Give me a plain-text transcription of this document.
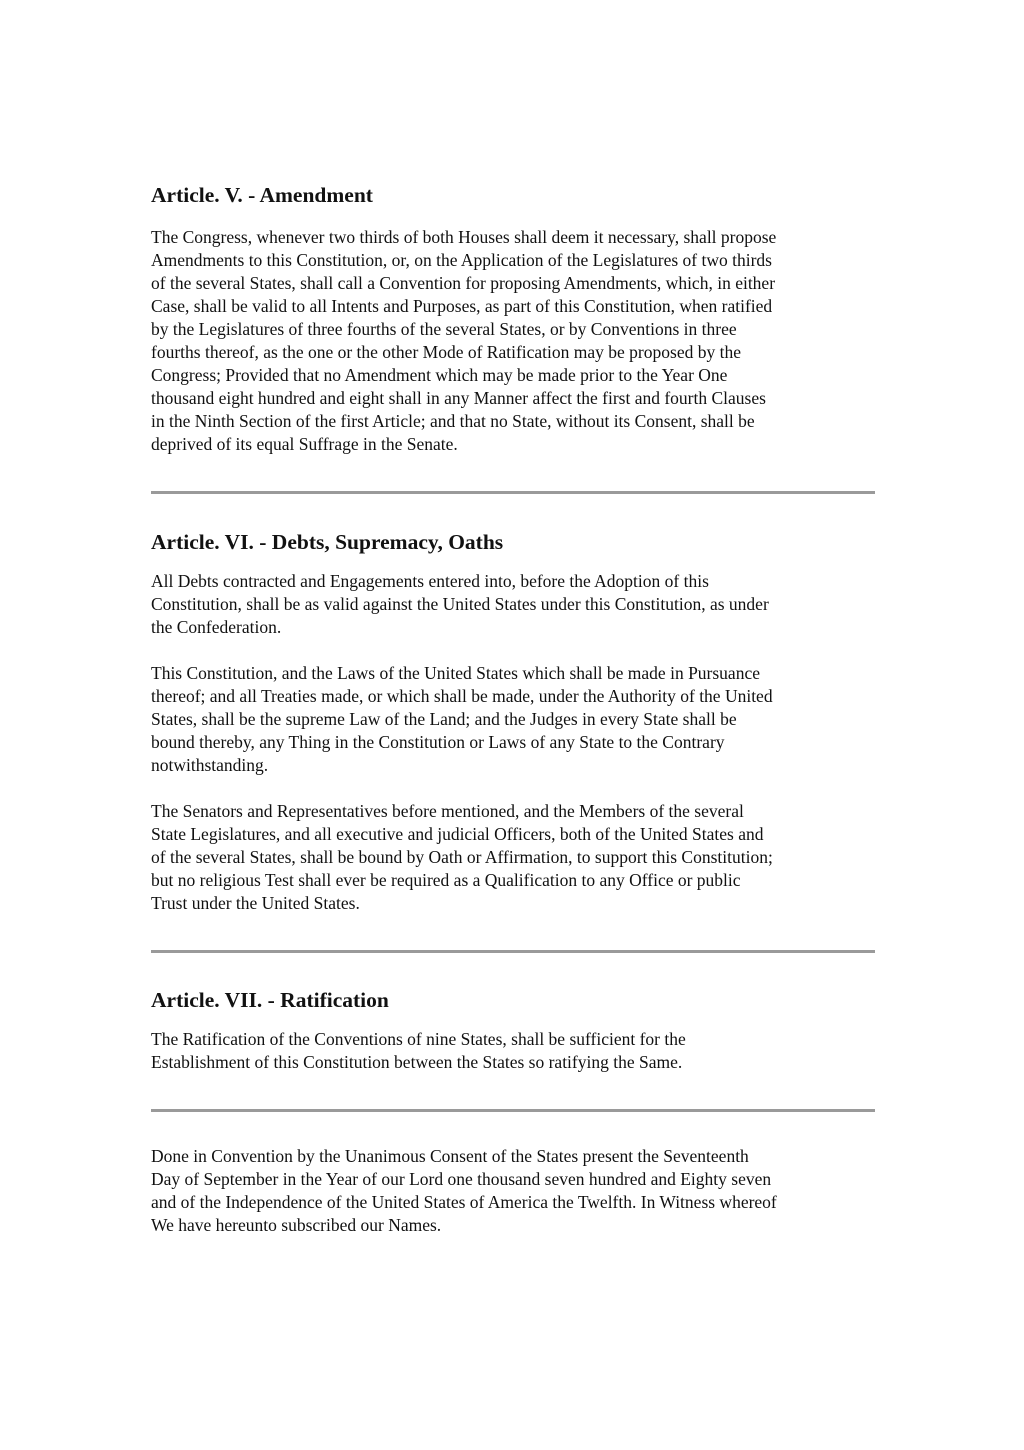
Article. V. - Amendment

The Congress, whenever two thirds of both Houses shall deem it necessary, shall propose
Amendments to this Constitution, or, on the Application of the Legislatures of two thirds
of the several States, shall call a Convention for proposing Amendments, which, in either
Case, shall be valid to all Intents and Purposes, as part of this Constitution, when ratified
by the Legislatures of three fourths of the several States, or by Conventions in three
fourths thereof, as the one or the other Mode of Ratification may be proposed by the
Congress; Provided that no Amendment which may be made prior to the Year One
thousand eight hundred and eight shall in any Manner affect the first and fourth Clauses
in the Ninth Section of the first Article; and that no State, without its Consent, shall be
deprived of its equal Suffrage in the Senate.

Article. VI. - Debts, Supremacy, Oaths

All Debts contracted and Engagements entered into, before the Adoption of this
Constitution, shall be as valid against the United States under this Constitution, as under
the Confederation.

This Constitution, and the Laws of the United States which shall be made in Pursuance
thereof; and all Treaties made, or which shall be made, under the Authority of the United
States, shall be the supreme Law of the Land; and the Judges in every State shall be
bound thereby, any Thing in the Constitution or Laws of any State to the Contrary
notwithstanding.

The Senators and Representatives before mentioned, and the Members of the several
State Legislatures, and all executive and judicial Officers, both of the United States and
of the several States, shall be bound by Oath or Affirmation, to support this Constitution;
but no religious Test shall ever be required as a Qualification to any Office or public
Trust under the United States.

Article. VII. - Ratification

The Ratification of the Conventions of nine States, shall be sufficient for the
Establishment of this Constitution between the States so ratifying the Same.

Done in Convention by the Unanimous Consent of the States present the Seventeenth
Day of September in the Year of our Lord one thousand seven hundred and Eighty seven
and of the Independence of the United States of America the Twelfth. In Witness whereof
We have hereunto subscribed our Names.
